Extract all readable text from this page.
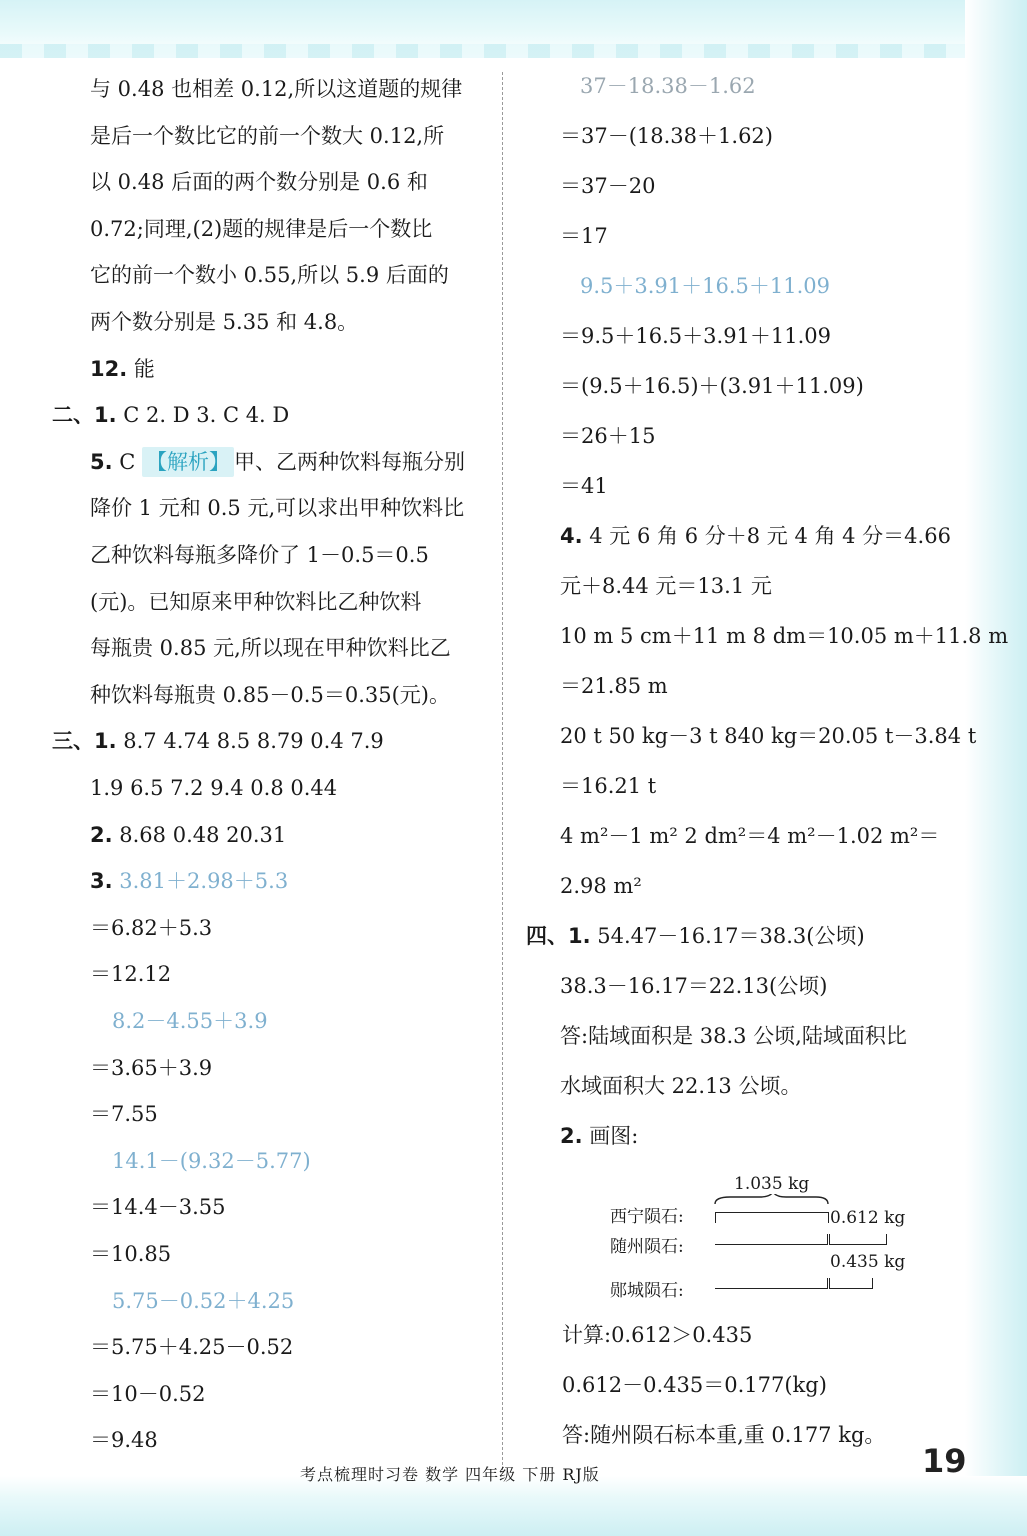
与 0.48 也相差 0.12,所以这道题的规律
是后一个数比它的前一个数大 0.12,所
以 0.48 后面的两个数分别是 0.6 和
0.72;同理,(2)题的规律是后一个数比
它的前一个数小 0.55,所以 5.9 后面的
两个数分别是 5.35 和 4.8。
12. 能
二、1. C 2. D 3. C 4. D
5. C 【解析】 甲、乙两种饮料每瓶分别
降价 1 元和 0.5 元,可以求出甲种饮料比
乙种饮料每瓶多降价了 1－0.5＝0.5
(元)。已知原来甲种饮料比乙种饮料
每瓶贵 0.85 元,所以现在甲种饮料比乙
种饮料每瓶贵 0.85－0.5＝0.35(元)。
三、1. 8.7 4.74 8.5 8.79 0.4 7.9
1.9 6.5 7.2 9.4 0.8 0.44
2. 8.68 0.48 20.31
3. 3.81＋2.98＋5.3
＝6.82＋5.3
＝12.12
8.2－4.55＋3.9
＝3.65＋3.9
＝7.55
14.1－(9.32－5.77)
＝14.4－3.55
＝10.85
5.75－0.52＋4.25
＝5.75＋4.25－0.52
＝10－0.52
＝9.48
37－18.38－1.62
＝37－(18.38＋1.62)
＝37－20
＝17
9.5＋3.91＋16.5＋11.09
＝9.5＋16.5＋3.91＋11.09
＝(9.5＋16.5)＋(3.91＋11.09)
＝26＋15
＝41
4. 4 元 6 角 6 分＋8 元 4 角 4 分＝4.66
元＋8.44 元＝13.1 元
10 m 5 cm＋11 m 8 dm＝10.05 m＋11.8 m
＝21.85 m
20 t 50 kg－3 t 840 kg＝20.05 t－3.84 t
＝16.21 t
4 m²－1 m² 2 dm²＝4 m²－1.02 m²＝
2.98 m²
四、1. 54.47－16.17＝38.3(公顷)
38.3－16.17＝22.13(公顷)
答:陆域面积是 38.3 公顷,陆域面积比
水域面积大 22.13 公顷。
2. 画图:
1.035 kg
西宁陨石:	0.612 kg
随州陨石:
0.435 kg
郧城陨石:
计算:0.612＞0.435
0.612－0.435＝0.177(kg)
答:随州陨石标本重,重 0.177 kg。
考点梳理时习卷 数学 四年级 下册 RJ版	19
